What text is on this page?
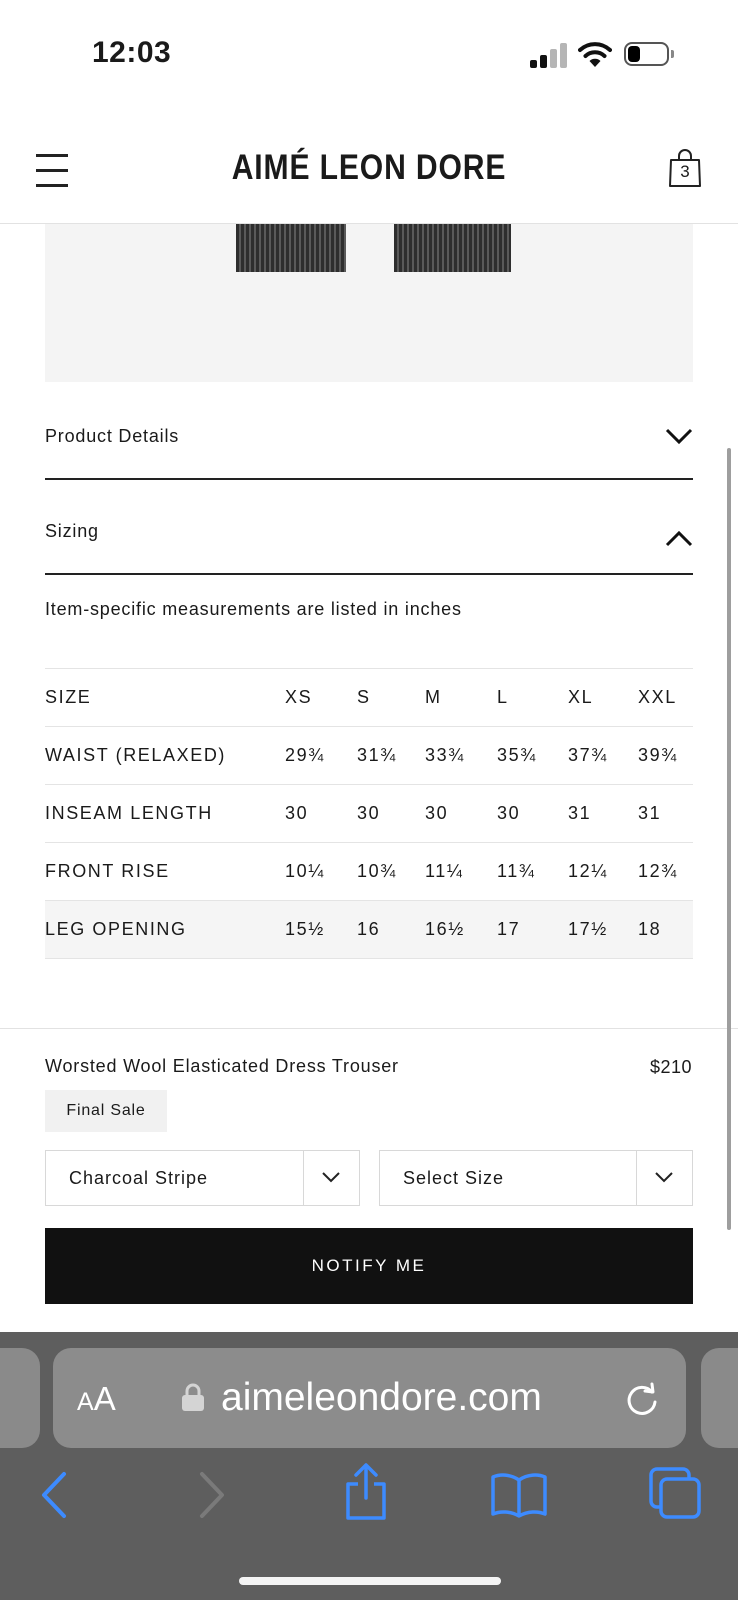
12:03
AIMÉ LEON DORE	3
Product Details
Sizing
Item-specific measurements are listed in inches
SIZE	XS	S	M	L	XL	XXL
WAIST (RELAXED)	29¾	31¾	33¾	35¾	37¾	39¾
INSEAM LENGTH	30	30	30	30	31	31
FRONT RISE	10¼	10¾	11¼	11¾	12¼	12¾
LEG OPENING	15½	16	16½	17	17½	18
Worsted Wool Elasticated Dress Trouser	$210
Final Sale
Charcoal Stripe	Select Size
NOTIFY ME
AA	aimeleondore.com
